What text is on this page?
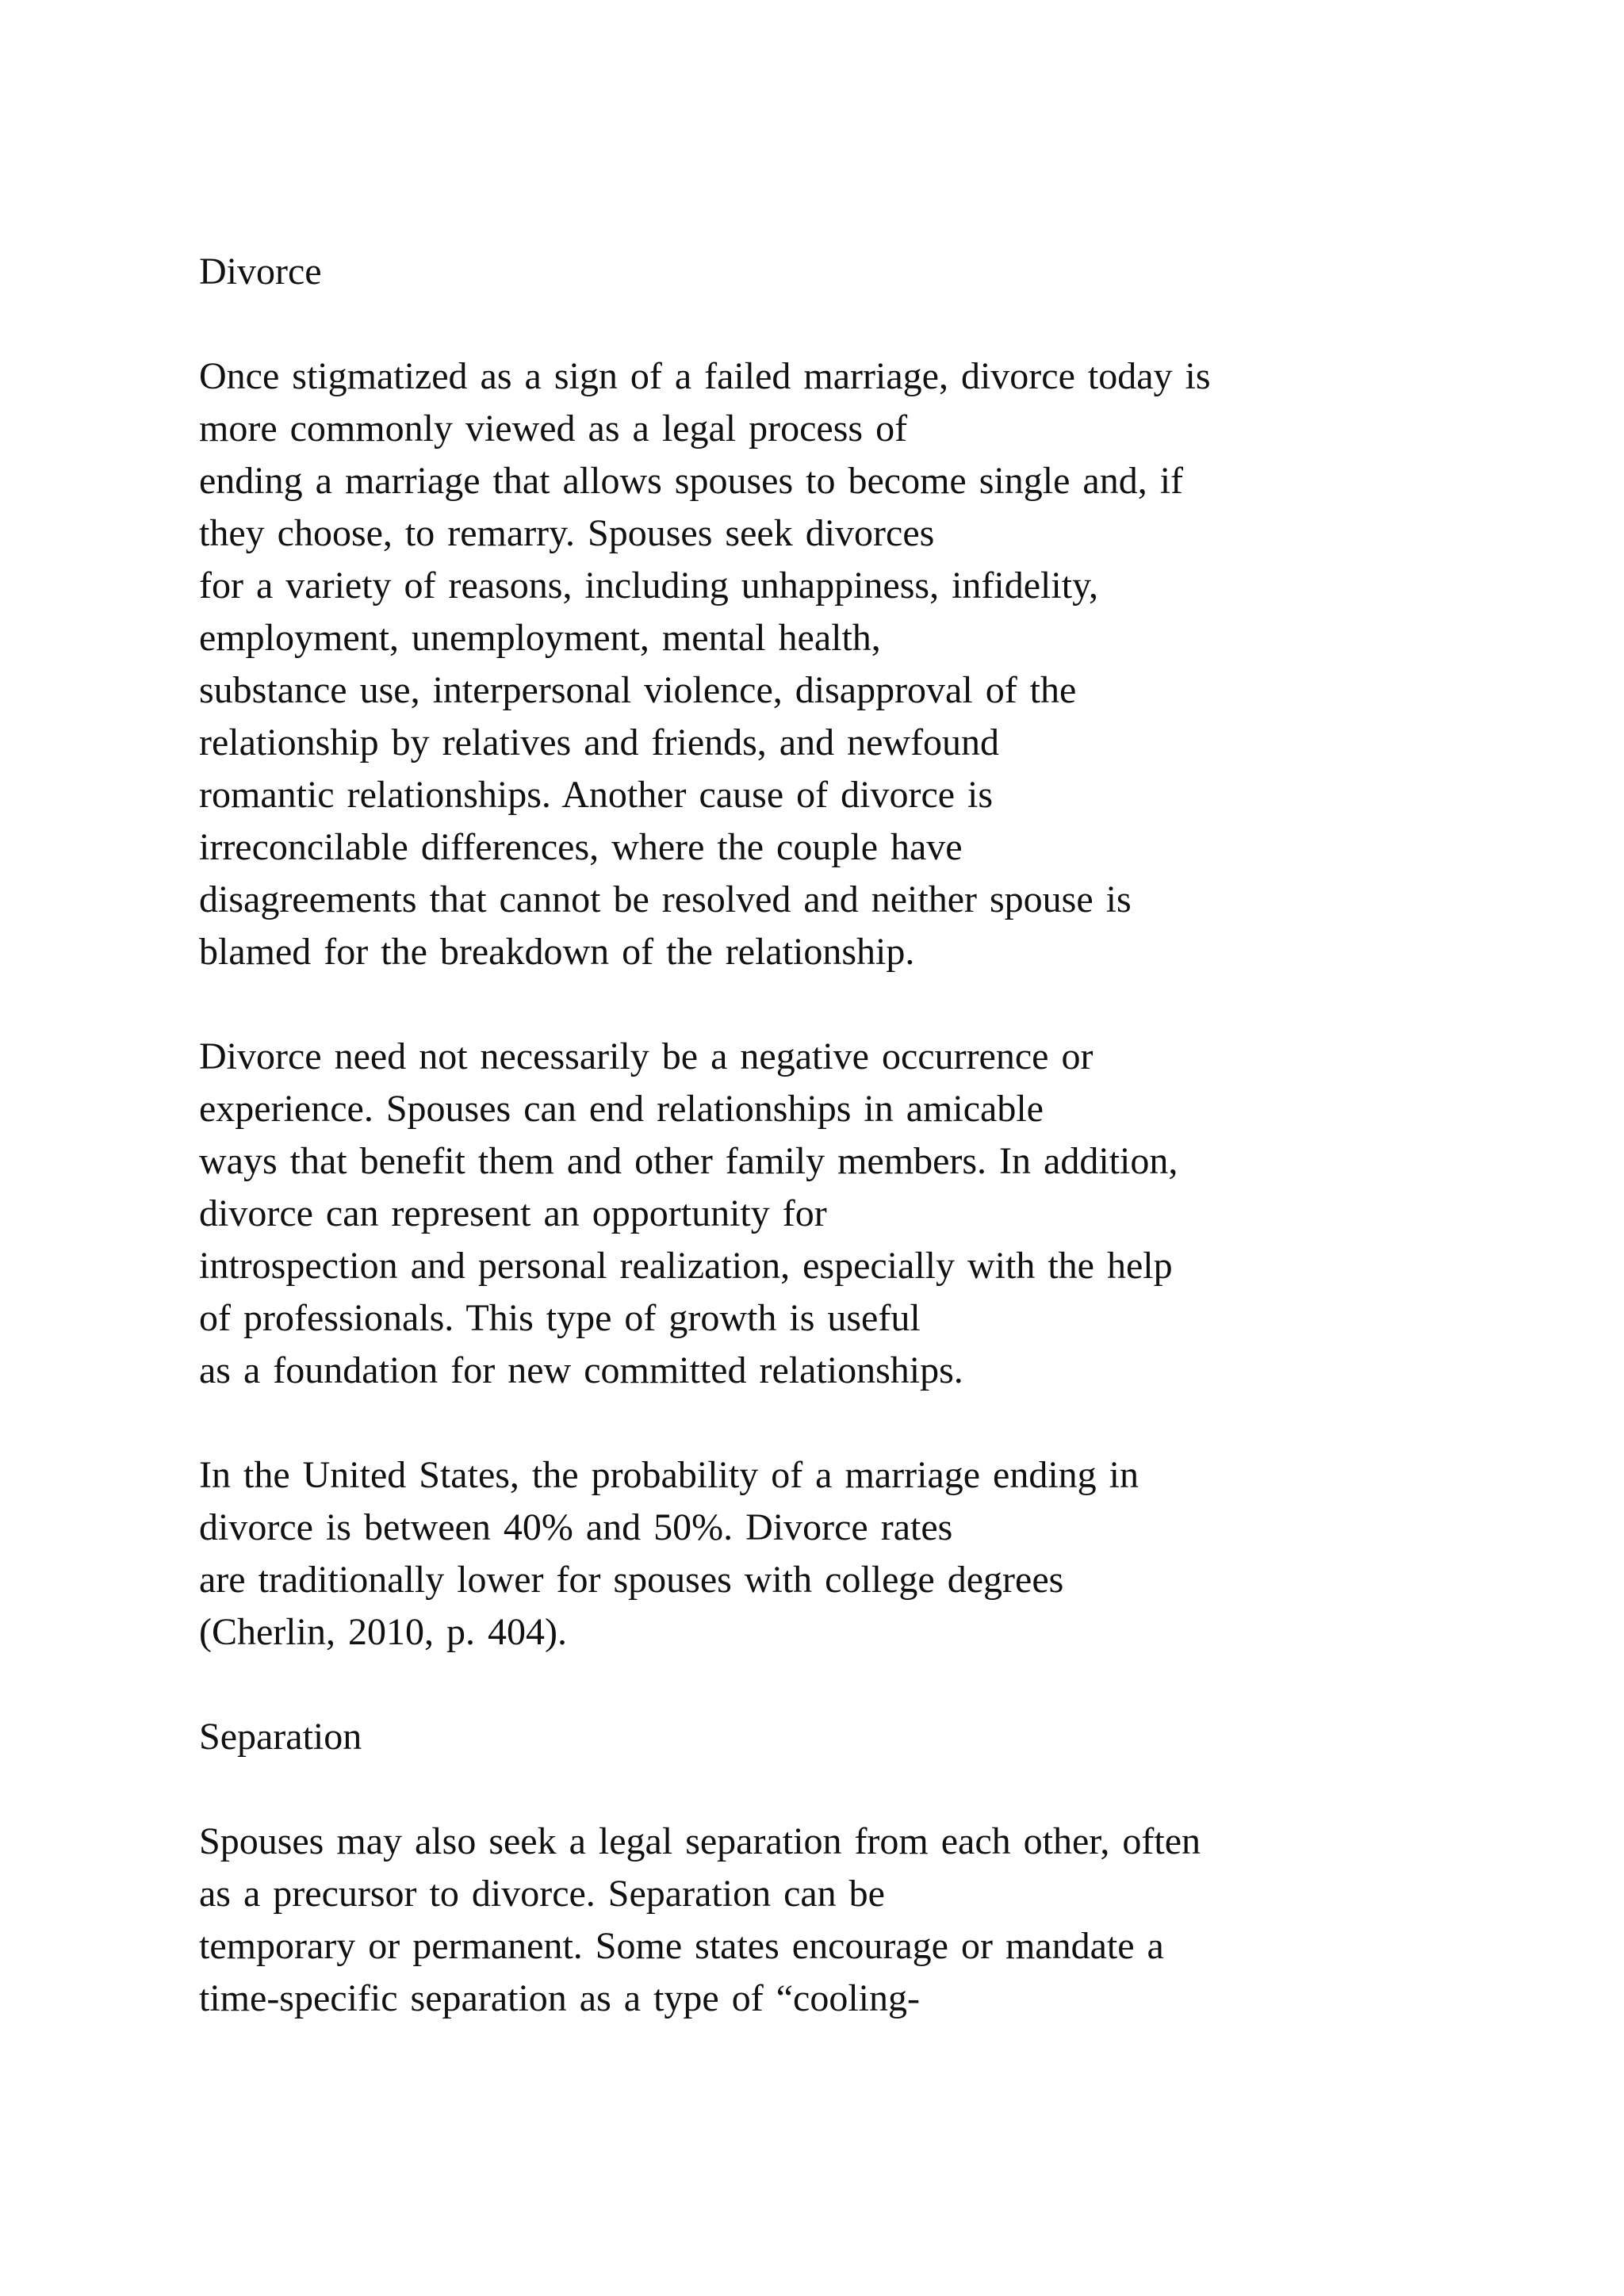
Divorce
Once stigmatized as a sign of a failed marriage, divorce today is
more commonly viewed as a legal process of
ending a marriage that allows spouses to become single and, if
they choose, to remarry. Spouses seek divorces
for a variety of reasons, including unhappiness, infidelity,
employment, unemployment, mental health,
substance use, interpersonal violence, disapproval of the
relationship by relatives and friends, and newfound
romantic relationships. Another cause of divorce is
irreconcilable differences, where the couple have
disagreements that cannot be resolved and neither spouse is
blamed for the breakdown of the relationship.
Divorce need not necessarily be a negative occurrence or
experience. Spouses can end relationships in amicable
ways that benefit them and other family members. In addition,
divorce can represent an opportunity for
introspection and personal realization, especially with the help
of professionals. This type of growth is useful
as a foundation for new committed relationships.
In the United States, the probability of a marriage ending in
divorce is between 40% and 50%. Divorce rates
are traditionally lower for spouses with college degrees
(Cherlin, 2010, p. 404).
Separation
Spouses may also seek a legal separation from each other, often
as a precursor to divorce. Separation can be
temporary or permanent. Some states encourage or mandate a
time-specific separation as a type of “cooling-
